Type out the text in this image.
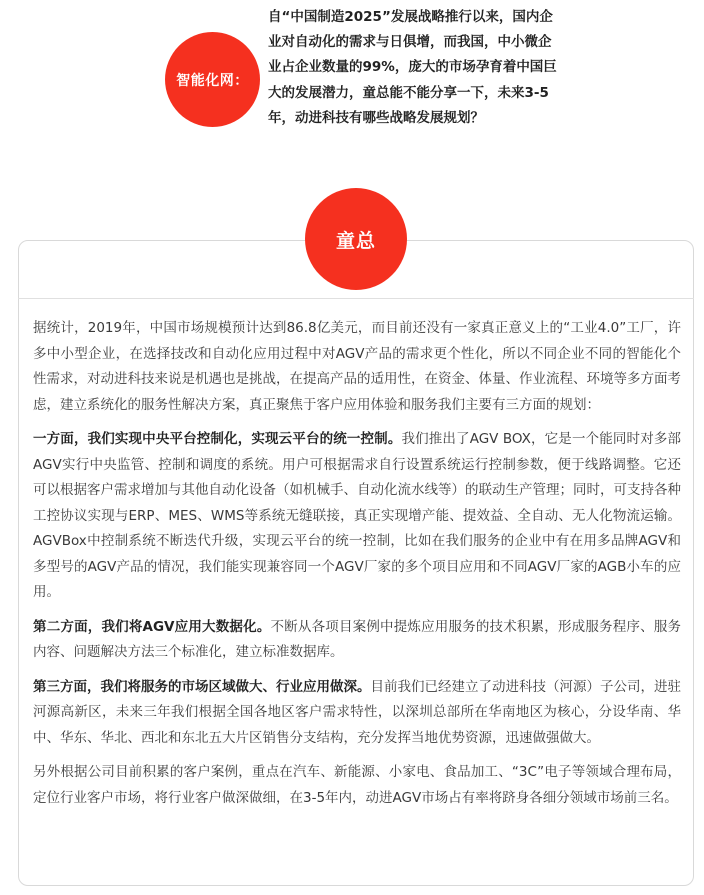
智能化网：
自“中国制造2025”发展战略推行以来，国内企业对自动化的需求与日俱增，而我国，中小微企业占企业数量的99%，庞大的市场孕育着中国巨大的发展潜力，童总能不能分享一下，未来3-5年，动进科技有哪些战略发展规划？
童总

据统计，2019年，中国市场规模预计达到86.8亿美元，而目前还没有一家真正意义上的“工业4.0”工厂，许多中小型企业，在选择技改和自动化应用过程中对AGV产品的需求更个性化，所以不同企业不同的智能化个性需求，对动进科技来说是机遇也是挑战，在提高产品的适用性，在资金、体量、作业流程、环境等多方面考虑，建立系统化的服务性解决方案，真正聚焦于客户应用体验和服务我们主要有三方面的规划：

一方面，我们实现中央平台控制化，实现云平台的统一控制。我们推出了AGV BOX，它是一个能同时对多部AGV实行中央监管、控制和调度的系统。用户可根据需求自行设置系统运行控制参数，便于线路调整。它还可以根据客户需求增加与其他自动化设备（如机械手、自动化流水线等）的联动生产管理；同时，可支持各种工控协议实现与ERP、MES、WMS等系统无缝联接，真正实现增产能、提效益、全自动、无人化物流运输。AGVBox中控制系统不断迭代升级，实现云平台的统一控制，比如在我们服务的企业中有在用多品牌AGV和多型号的AGV产品的情况，我们能实现兼容同一个AGV厂家的多个项目应用和不同AGV厂家的AGB小车的应用。

第二方面，我们将AGV应用大数据化。不断从各项目案例中提炼应用服务的技术积累，形成服务程序、服务内容、问题解决方法三个标准化，建立标准数据库。

第三方面，我们将服务的市场区域做大、行业应用做深。目前我们已经建立了动进科技（河源）子公司，进驻河源高新区，未来三年我们根据全国各地区客户需求特性，以深圳总部所在华南地区为核心，分设华南、华中、华东、华北、西北和东北五大片区销售分支结构，充分发挥当地优势资源，迅速做强做大。

另外根据公司目前积累的客户案例，重点在汽车、新能源、小家电、食品加工、“3C”电子等领域合理布局，定位行业客户市场，将行业客户做深做细，在3-5年内，动进AGV市场占有率将跻身各细分领域市场前三名。
